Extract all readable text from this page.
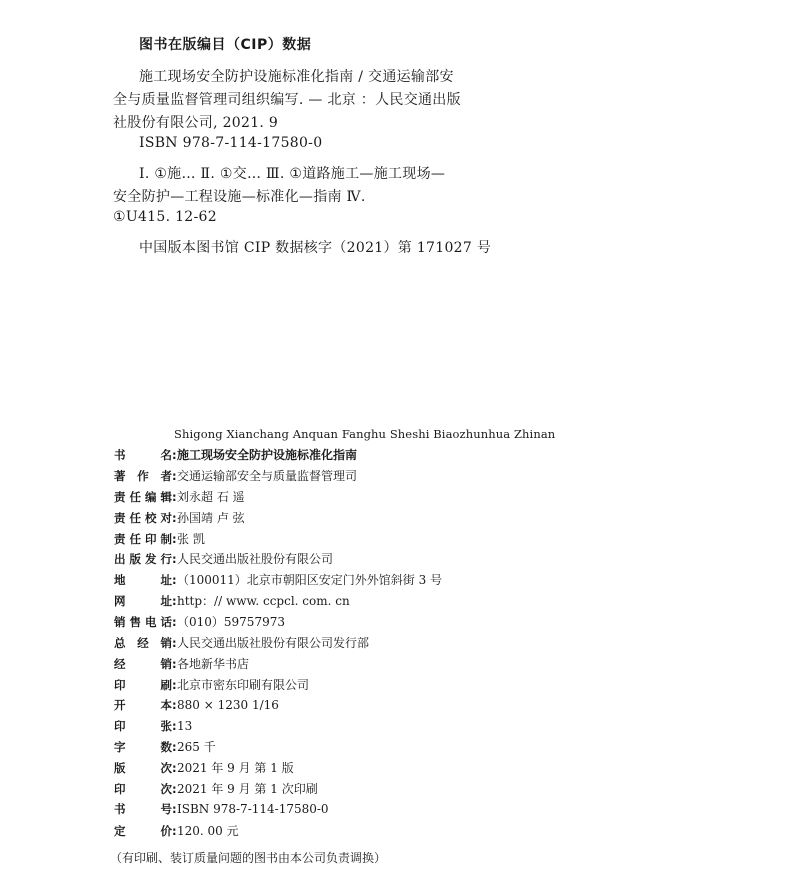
图书在版编目（CIP）数据
施工现场安全防护设施标准化指南 / 交通运输部安
全与质量监督管理司组织编写. — 北京 ：人民交通出版
社股份有限公司, 2021. 9
ISBN 978-7-114-17580-0
Ⅰ. ①施… Ⅱ. ①交… Ⅲ. ①道路施工—施工现场—
安全防护—工程设施—标准化—指南 Ⅳ.
①U415. 12-62
中国版本图书馆 CIP 数据核字（2021）第 171027 号
Shigong Xianchang Anquan Fanghu Sheshi Biaozhunhua Zhinan
书名 : 施工现场安全防护设施标准化指南
著作者 : 交通运输部安全与质量监督管理司
责任编辑 : 刘永超 石 遥
责任校对 : 孙国靖 卢 弦
责任印制 : 张 凯
出版发行 : 人民交通出版社股份有限公司
地址 : （100011）北京市朝阳区安定门外外馆斜街 3 号
网址 : http：// www. ccpcl. com. cn
销售电话 : （010）59757973
总经销 : 人民交通出版社股份有限公司发行部
经销 : 各地新华书店
印刷 : 北京市密东印刷有限公司
开本 : 880 × 1230 1/16
印张 : 13
字数 : 265 千
版次 : 2021 年 9 月 第 1 版
印次 : 2021 年 9 月 第 1 次印刷
书号 : ISBN 978-7-114-17580-0
定价 : 120. 00 元
（有印刷、装订质量问题的图书由本公司负责调换）
